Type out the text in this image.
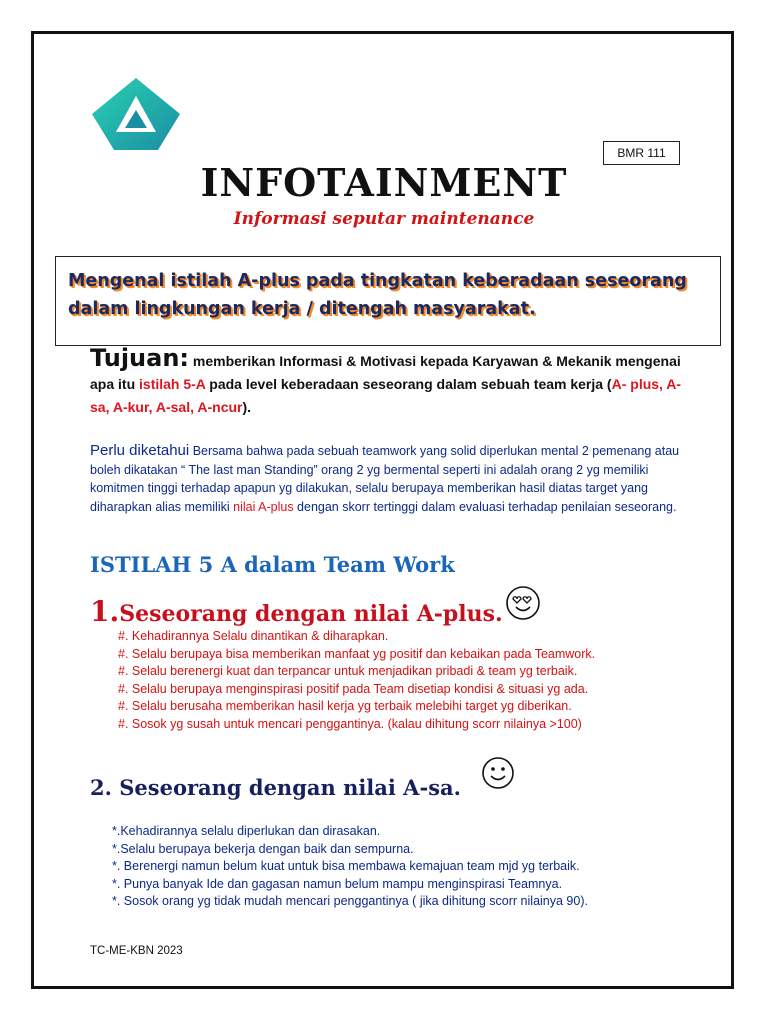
BMR 111
INFOTAINMENT
Informasi seputar maintenance
Mengenal istilah A-plus pada tingkatan keberadaan seseorang dalam lingkungan kerja / ditengah masyarakat.
Tujuan: memberikan Informasi & Motivasi kepada Karyawan & Mekanik mengenai apa itu istilah 5-A pada level keberadaan seseorang dalam sebuah team kerja (A- plus, A-sa, A-kur, A-sal, A-ncur).
Perlu diketahui Bersama bahwa pada sebuah teamwork yang solid diperlukan mental 2 pemenang atau boleh dikatakan “ The last man Standing” orang 2 yg bermental seperti ini adalah orang 2 yg memiliki komitmen tinggi terhadap apapun yg dilakukan, selalu berupaya memberikan hasil diatas target yang diharapkan alias memiliki nilai A-plus dengan skorr tertinggi dalam evaluasi terhadap penilaian seseorang.
ISTILAH 5 A dalam Team Work
1.Seseorang dengan nilai A-plus.
#. Kehadirannya Selalu dinantikan & diharapkan.
#. Selalu berupaya bisa memberikan manfaat yg positif dan kebaikan pada Teamwork.
#. Selalu berenergi kuat dan terpancar untuk menjadikan pribadi & team yg terbaik.
#. Selalu berupaya menginspirasi positif pada Team disetiap kondisi & situasi yg ada.
#. Selalu berusaha memberikan hasil kerja yg terbaik melebihi target yg diberikan.
#. Sosok yg susah untuk mencari penggantinya. (kalau dihitung scorr nilainya >100)
2. Seseorang dengan nilai A-sa.
*.Kehadirannya selalu diperlukan dan dirasakan.
*.Selalu berupaya bekerja dengan baik dan sempurna.
*. Berenergi namun belum kuat untuk bisa membawa kemajuan team mjd yg terbaik.
*. Punya banyak Ide dan gagasan namun belum mampu menginspirasi Teamnya.
*. Sosok orang yg tidak mudah mencari penggantinya ( jika dihitung scorr nilainya 90).
TC-ME-KBN 2023
